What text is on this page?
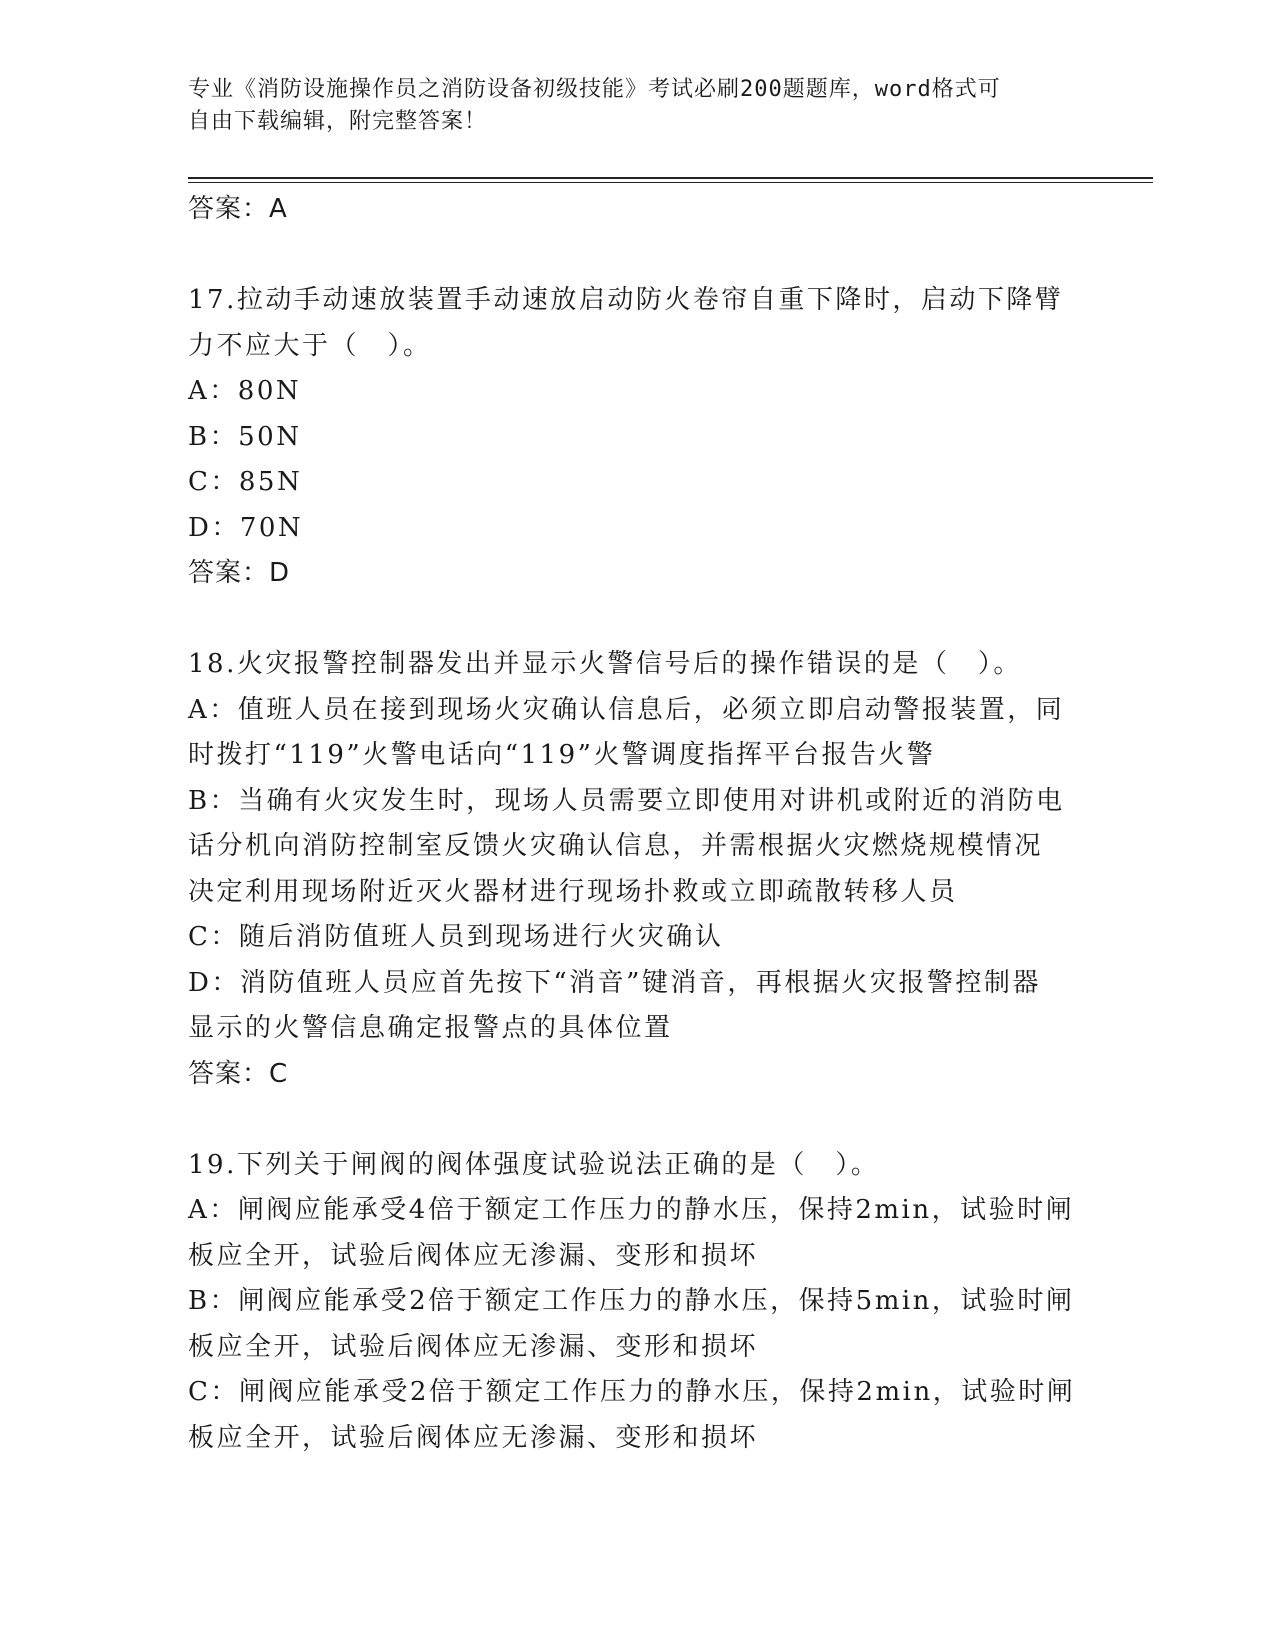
专业《消防设施操作员之消防设备初级技能》考试必刷200题题库，word格式可
自由下载编辑，附完整答案！
答案：A
17.拉动手动速放装置手动速放启动防火卷帘自重下降时，启动下降臂
力不应大于（　）。
A：80N
B：50N
C：85N
D：70N
答案：D
18.火灾报警控制器发出并显示火警信号后的操作错误的是（　）。
A：值班人员在接到现场火灾确认信息后，必须立即启动警报装置，同
时拨打“119”火警电话向“119”火警调度指挥平台报告火警
B：当确有火灾发生时，现场人员需要立即使用对讲机或附近的消防电
话分机向消防控制室反馈火灾确认信息，并需根据火灾燃烧规模情况
决定利用现场附近灭火器材进行现场扑救或立即疏散转移人员
C：随后消防值班人员到现场进行火灾确认
D：消防值班人员应首先按下“消音”键消音，再根据火灾报警控制器
显示的火警信息确定报警点的具体位置
答案：C
19.下列关于闸阀的阀体强度试验说法正确的是（　）。
A：闸阀应能承受4倍于额定工作压力的静水压，保持2min，试验时闸
板应全开，试验后阀体应无渗漏、变形和损坏
B：闸阀应能承受2倍于额定工作压力的静水压，保持5min，试验时闸
板应全开，试验后阀体应无渗漏、变形和损坏
C：闸阀应能承受2倍于额定工作压力的静水压，保持2min，试验时闸
板应全开，试验后阀体应无渗漏、变形和损坏
